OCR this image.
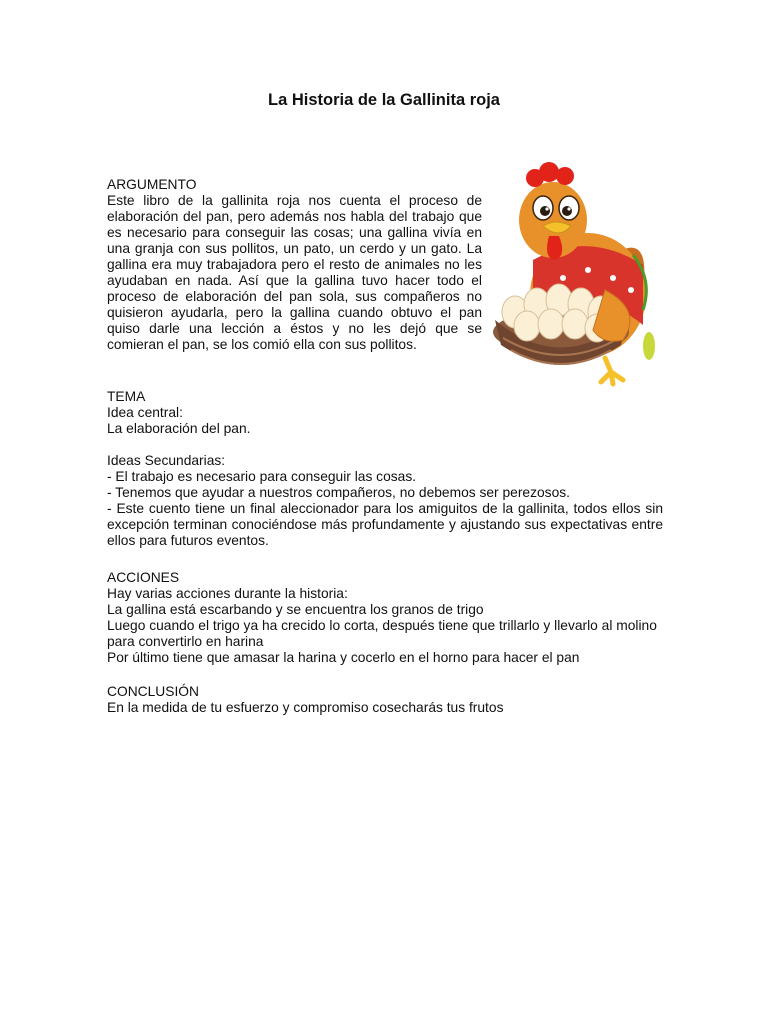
La Historia de la Gallinita roja

ARGUMENTO

Este libro de la gallinita roja nos cuenta el proceso de elaboración del pan, pero además nos habla del trabajo que es necesario para conseguir las cosas; una gallina vivía en una granja con sus pollitos, un pato, un cerdo y un gato. La gallina era muy trabajadora pero el resto de animales no les ayudaban en nada. Así que la gallina tuvo hacer todo el proceso de elaboración del pan sola, sus compañeros no quisieron ayudarla, pero la gallina cuando obtuvo el pan quiso darle una lección a éstos y no les dejó que se comieran el pan, se los comió ella con sus pollitos.

TEMA

Idea central:

La elaboración del pan.

Ideas Secundarias:

- El trabajo es necesario para conseguir las cosas.

- Tenemos que ayudar a nuestros compañeros, no debemos ser perezosos.

- Este cuento tiene un final aleccionador para los amiguitos de la gallinita, todos ellos sin excepción terminan conociéndose más profundamente y ajustando sus expectativas entre ellos para futuros eventos.

ACCIONES

Hay varias acciones durante la historia:

La gallina está escarbando y se encuentra los granos de trigo

Luego cuando el trigo ya ha crecido lo corta, después tiene que trillarlo y llevarlo al molino para convertirlo en harina

Por último tiene que amasar la harina y cocerlo en el horno para hacer el pan

CONCLUSIÓN

En la medida de tu esfuerzo y compromiso cosecharás tus frutos
